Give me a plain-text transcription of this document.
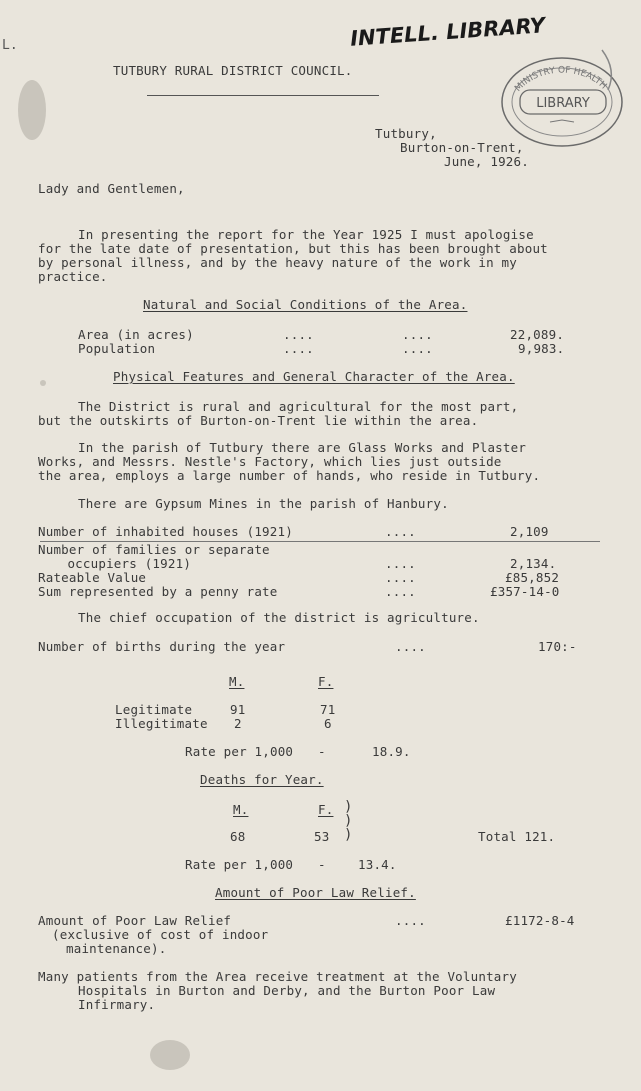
L.	INTELL. LIBRARY
LIBRARY
MINISTRY OF HEALTH
TUTBURY RURAL DISTRICT COUNCIL.
Tutbury,
Burton-on-Trent,
June, 1926.
Lady and Gentlemen,
In presenting the report for the Year 1925 I must apologise
for the late date of presentation, but this has been brought about
by personal illness, and by the heavy nature of the work in my
practice.
Natural and Social Conditions of the Area.
Area (in acres)	....	....	22,089.
Population	....	....	9,983.
Physical Features and General Character of the Area.
The District is rural and agricultural for the most part,
but the outskirts of Burton-on-Trent lie within the area.
In the parish of Tutbury there are Glass Works and Plaster
Works, and Messrs. Nestle's Factory, which lies just outside
the area, employs a large number of hands, who reside in Tutbury.
There are Gypsum Mines in the parish of Hanbury.
Number of inhabited houses (1921)	....	2,109
Number of families or separate
occupiers (1921)	....	2,134.
Rateable Value	....	£85,852
Sum represented by a penny rate	....	£357-14-0
The chief occupation of the district is agriculture.
Number of births during the year	....	170:-
M.	F.
Legitimate	91	71
Illegitimate 2	6
Rate per 1,000 -	18.9.
Deaths for Year.
M.	F. )
)
)
68	53	Total 121.
Rate per 1,000 -	13.4.
Amount of Poor Law Relief.
Amount of Poor Law Relief	....	£1172-8-4
(exclusive of cost of indoor
maintenance).
Many patients from the Area receive treatment at the Voluntary
Hospitals in Burton and Derby, and the Burton Poor Law
Infirmary.
